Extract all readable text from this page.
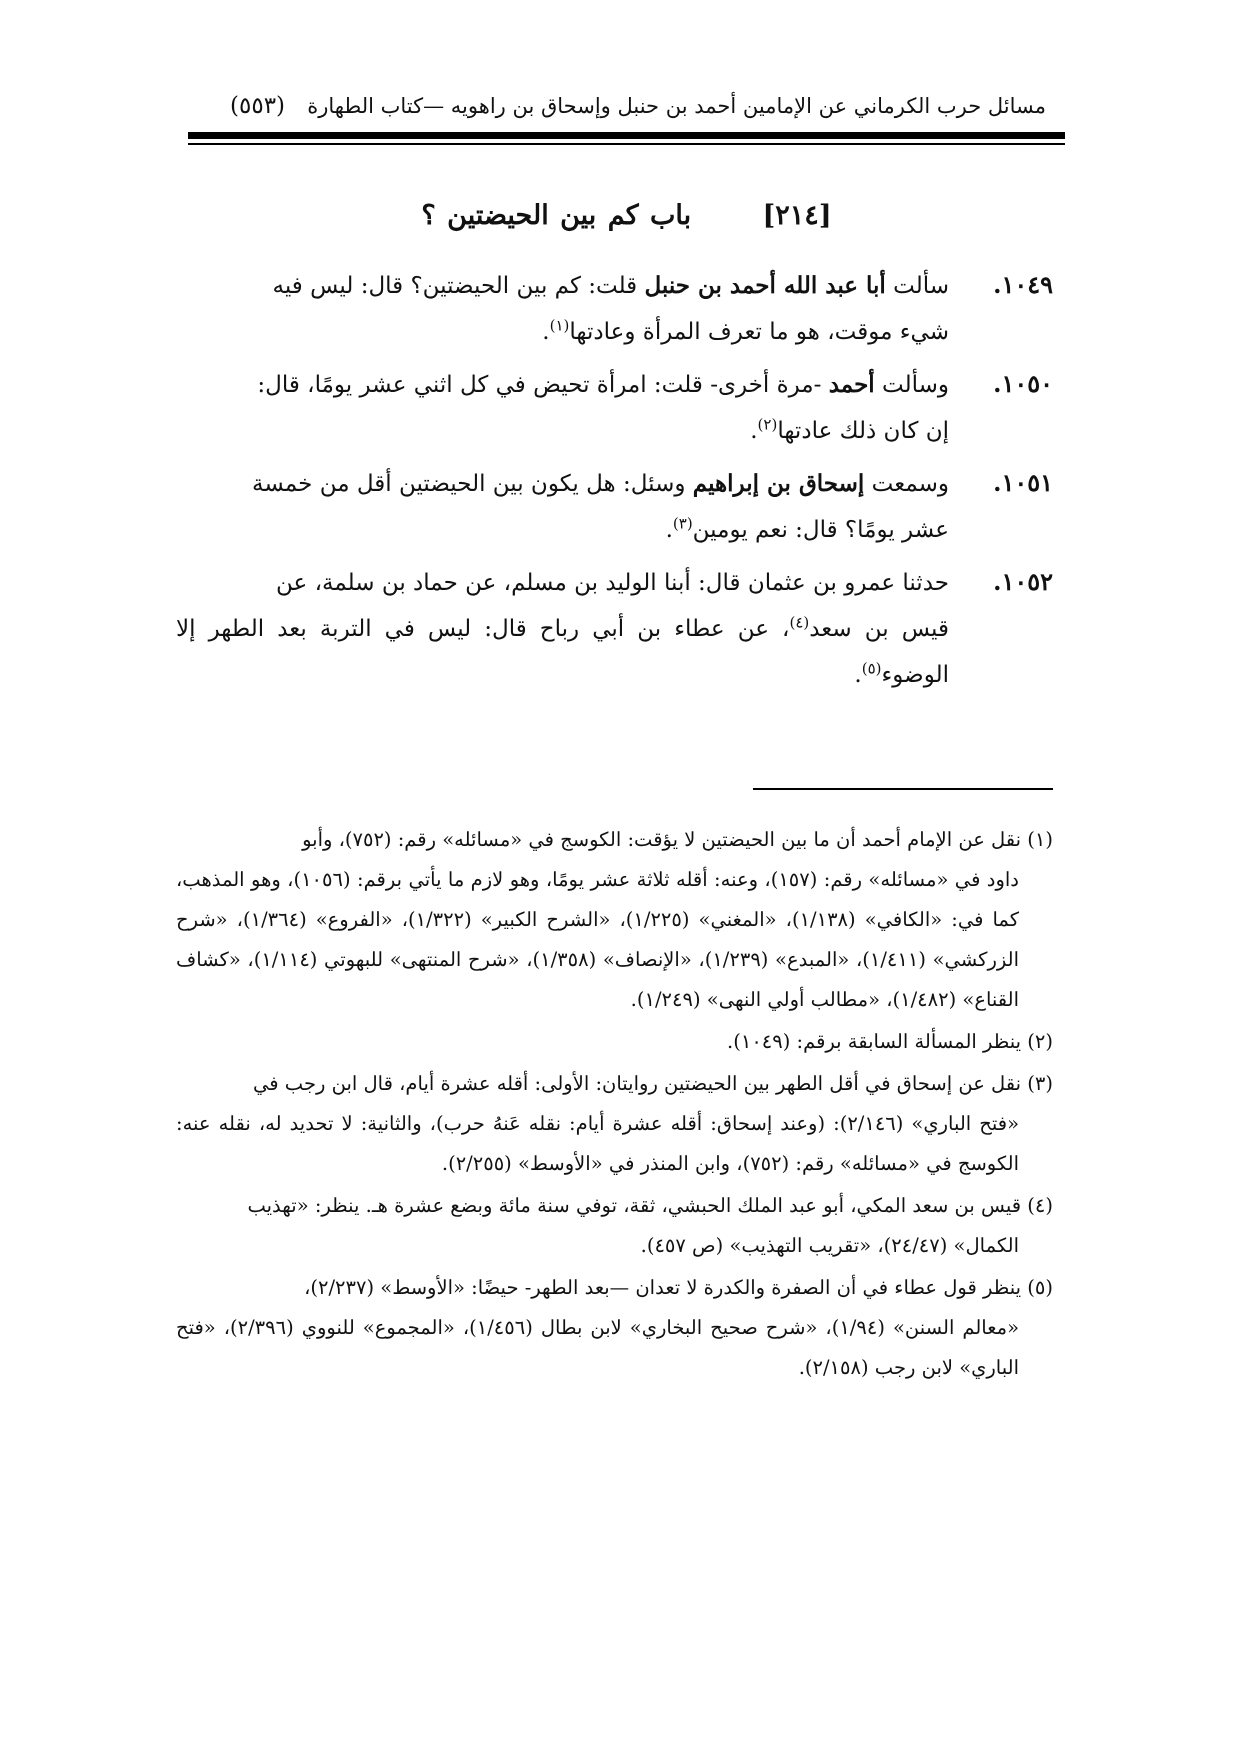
مسائل حرب الكرماني عن الإمامين أحمد بن حنبل وإسحاق بن راهويه —كتاب الطهارة
(٥٥٣)
[٢١٤] باب كم بين الحيضتين ؟

١٠٤٩.سألت أبا عبد الله أحمد بن حنبل قلت: كم بين الحيضتين؟ قال: ليس فيه
شيء موقت، هو ما تعرف المرأة وعادتها$^{(١)}$.

١٠٥٠.وسألت أحمد -مرة أخرى- قلت: امرأة تحيض في كل اثني عشر يومًا، قال:
إن كان ذلك عادتها$^{(٢)}$.

١٠٥١.وسمعت إسحاق بن إبراهيم وسئل: هل يكون بين الحيضتين أقل من خمسة
عشر يومًا؟ قال: نعم يومين$^{(٣)}$.

١٠٥٢.حدثنا عمرو بن عثمان قال: أبنا الوليد بن مسلم، عن حماد بن سلمة، عن
قيس بن سعد$^{(٤)}$، عن عطاء بن أبي رباح قال: ليس في التربة بعد الطهر إلا الوضوء$^{(٥)}$.

(١) نقل عن الإمام أحمد أن ما بين الحيضتين لا يؤقت: الكوسج في «مسائله» رقم: (٧٥٢)، وأبو
داود في «مسائله» رقم: (١٥٧)، وعنه: أقله ثلاثة عشر يومًا، وهو لازم ما يأتي برقم: (١٠٥٦)، وهو المذهب، كما في: «الكافي» (١/١٣٨)، «المغني» (١/٢٢٥)، «الشرح الكبير» (١/٣٢٢)، «الفروع» (١/٣٦٤)، «شرح الزركشي» (١/٤١١)، «المبدع» (١/٢٣٩)، «الإنصاف» (١/٣٥٨)، «شرح المنتهى» للبهوتي (١/١١٤)، «كشاف القناع» (١/٤٨٢)، «مطالب أولي النهى» (١/٢٤٩).

(٢) ينظر المسألة السابقة برقم: (١٠٤٩).

(٣) نقل عن إسحاق في أقل الطهر بين الحيضتين روايتان: الأولى: أقله عشرة أيام، قال ابن رجب في
«فتح الباري» (٢/١٤٦): (وعند إسحاق: أقله عشرة أيام: نقله عَنهُ حرب)، والثانية: لا تحديد له، نقله عنه: الكوسج في «مسائله» رقم: (٧٥٢)، وابن المنذر في «الأوسط» (٢/٢٥٥).

(٤) قيس بن سعد المكي، أبو عبد الملك الحبشي، ثقة، توفي سنة مائة وبضع عشرة هـ. ينظر: «تهذيب
الكمال» (٢٤/٤٧)، «تقريب التهذيب» (ص ٤٥٧).

(٥) ينظر قول عطاء في أن الصفرة والكدرة لا تعدان —بعد الطهر- حيضًا: «الأوسط» (٢/٢٣٧)،
«معالم السنن» (١/٩٤)، «شرح صحيح البخاري» لابن بطال (١/٤٥٦)، «المجموع» للنووي (٢/٣٩٦)، «فتح الباري» لابن رجب (٢/١٥٨).
